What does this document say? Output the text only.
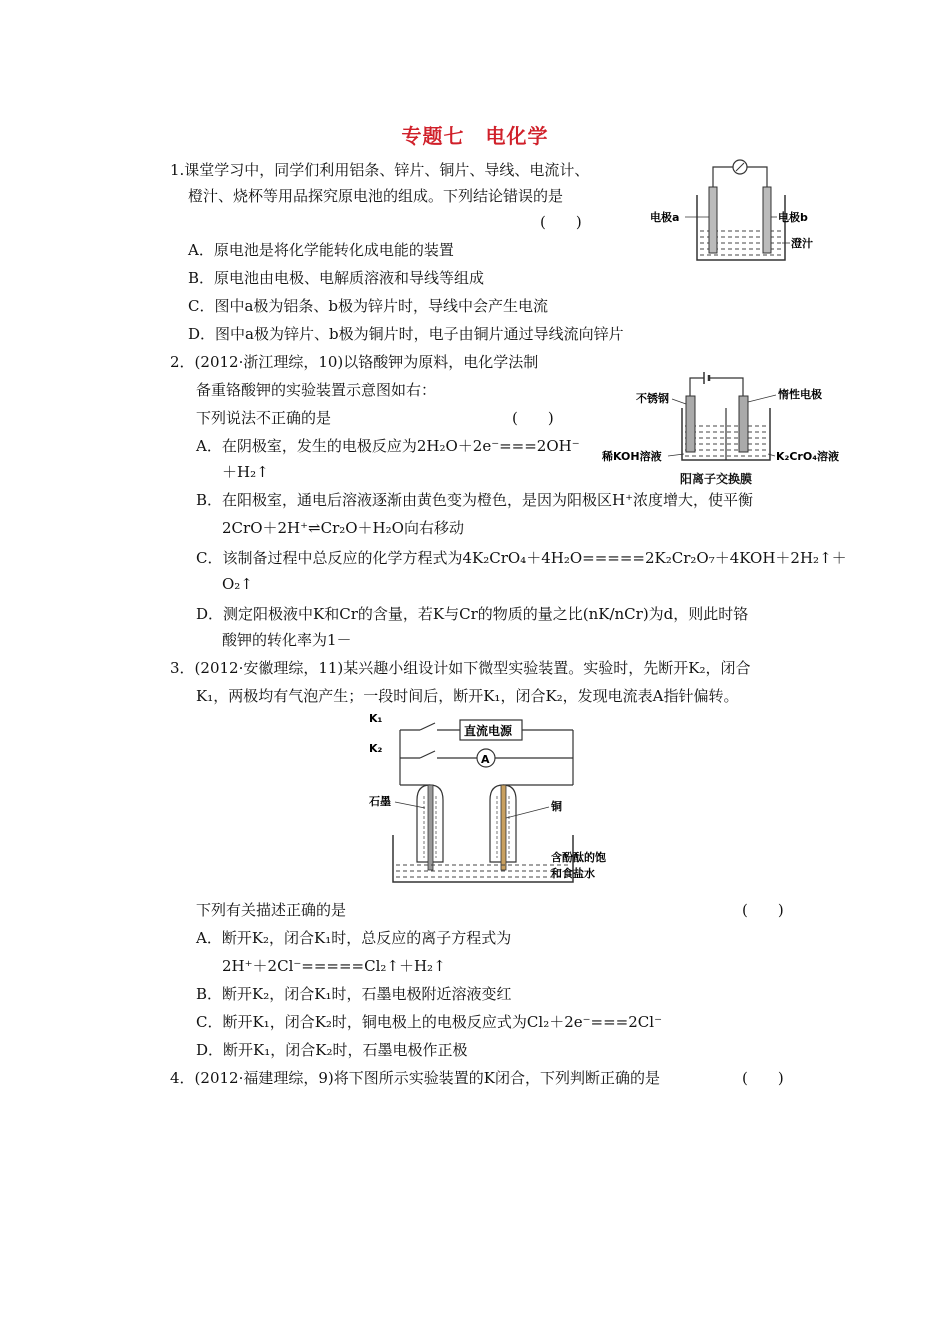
专题七　电化学
1.课堂学习中，同学们利用铝条、锌片、铜片、导线、电流计、
橙汁、烧杯等用品探究原电池的组成。下列结论错误的是
(　　)
A．原电池是将化学能转化成电能的装置
B．原电池由电极、电解质溶液和导线等组成
C．图中a极为铝条、b极为锌片时，导线中会产生电流
D．图中a极为锌片、b极为铜片时，电子由铜片通过导线流向锌片
电极a	电极b
澄汁
2．(2012·浙江理综，10)以铬酸钾为原料，电化学法制
备重铬酸钾的实验装置示意图如右：
下列说法不正确的是	(　　)
A．在阴极室，发生的电极反应为2H₂O＋2e⁻===2OH⁻
＋H₂↑
B．在阳极室，通电后溶液逐渐由黄色变为橙色，是因为阳极区H⁺浓度增大，使平衡
2CrO＋2H⁺⇌Cr₂O＋H₂O向右移动
C．该制备过程中总反应的化学方程式为4K₂CrO₄＋4H₂O=====2K₂Cr₂O₇＋4KOH＋2H₂↑＋
O₂↑
D．测定阳极液中K和Cr的含量，若K与Cr的物质的量之比(nK/nCr)为d，则此时铬
酸钾的转化率为1－
不锈钢	惰性电极
稀KOH溶液	K₂CrO₄溶液
阳离子交换膜
3．(2012·安徽理综，11)某兴趣小组设计如下微型实验装置。实验时，先断开K₂，闭合
K₁，两极均有气泡产生；一段时间后，断开K₁，闭合K₂，发现电流表A指针偏转。
K₁
K₂
直流电源
A
石墨	铜
含酚酞的饱
和食盐水
下列有关描述正确的是	(　　)
A．断开K₂，闭合K₁时，总反应的离子方程式为
2H⁺＋2Cl⁻=====Cl₂↑＋H₂↑
B．断开K₂，闭合K₁时，石墨电极附近溶液变红
C．断开K₁，闭合K₂时，铜电极上的电极反应式为Cl₂＋2e⁻===2Cl⁻
D．断开K₁，闭合K₂时，石墨电极作正极
4．(2012·福建理综，9)将下图所示实验装置的K闭合，下列判断正确的是	(　　)
